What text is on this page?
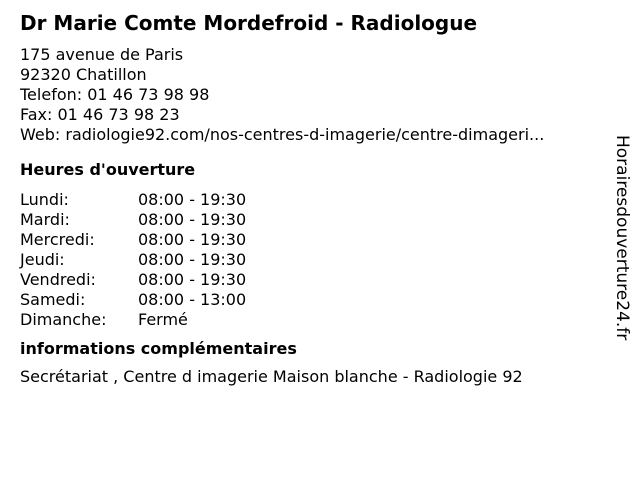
Dr Marie Comte Mordefroid - Radiologue
175 avenue de Paris
92320 Chatillon
Telefon: 01 46 73 98 98
Fax: 01 46 73 98 23
Web: radiologie92.com/nos-centres-d-imagerie/centre-dimageri...
Heures d'ouverture
Lundi:	08:00 - 19:30
Mardi:	08:00 - 19:30
Mercredi:	08:00 - 19:30
Jeudi:	08:00 - 19:30
Vendredi:	08:00 - 19:30
Samedi:	08:00 - 13:00
Dimanche:	Fermé
informations complémentaires

Secrétariat , Centre d imagerie Maison blanche - Radiologie 92

Horairesdouverture24.fr
